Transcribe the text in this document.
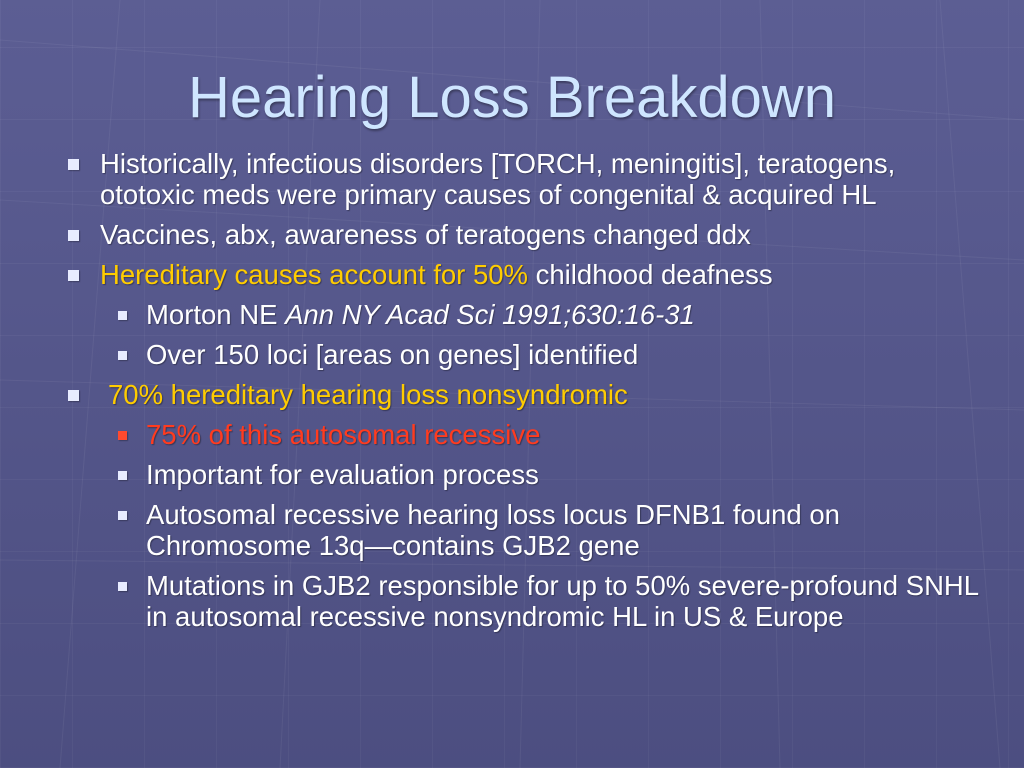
Hearing Loss Breakdown
Historically, infectious disorders [TORCH, meningitis], teratogens, ototoxic meds were primary causes of congenital & acquired HL
Vaccines, abx, awareness of teratogens changed ddx
Hereditary causes account for 50% childhood deafness
Morton NE Ann NY Acad Sci 1991;630:16-31
Over 150 loci [areas on genes] identified
70% hereditary hearing loss nonsyndromic
75% of this autosomal recessive
Important for evaluation process
Autosomal recessive hearing loss locus DFNB1 found on Chromosome 13q—contains GJB2 gene
Mutations in GJB2 responsible for up to 50% severe-profound SNHL in autosomal recessive nonsyndromic HL in US & Europe
